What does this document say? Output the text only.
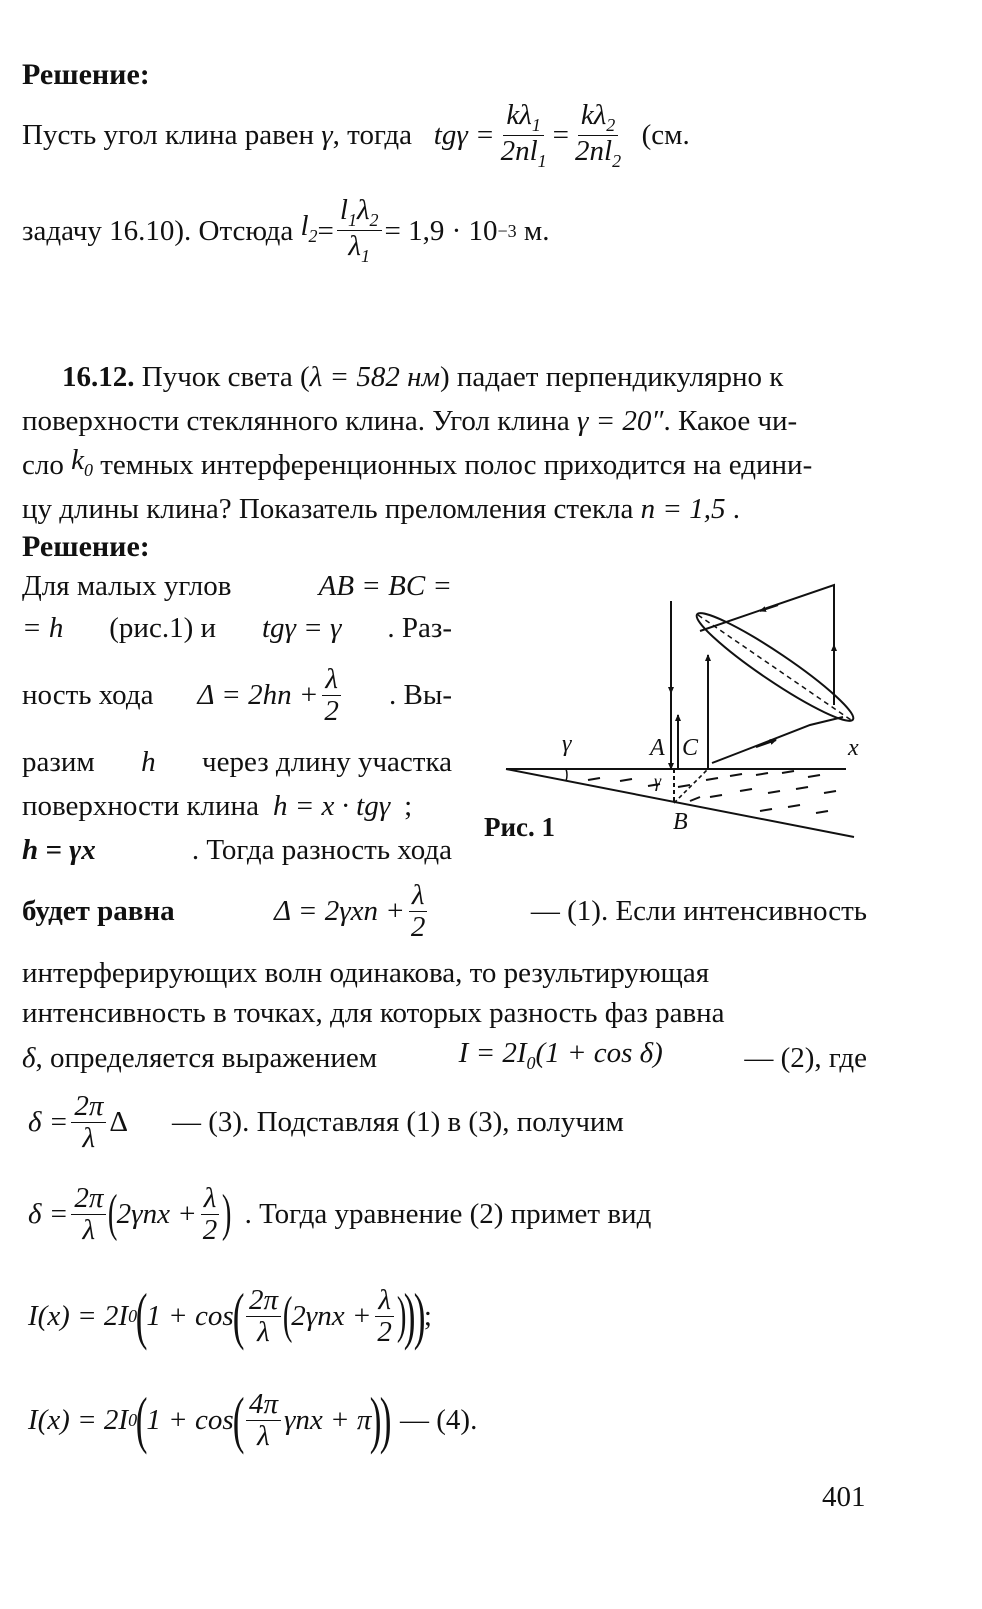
Решение:
Пусть угол клина равен
γ , тогда
$tg\gamma = \frac{k\lambda_1}{2nl_1} = \frac{k\lambda_2}{2nl_2}$
(см.
задачу 16.10). Отсюда
$l_2 = \frac{l_1\lambda_2}{\lambda_1} = 1,9 \cdot 10 -3$
м.
16.12. Пучок света (λ = 582 нм) падает перпендикулярно к
поверхности стеклянного клина. Угол клина
γ = 20″ . Какое чи-
сло
$k_0$
темных интерференционных полос приходится на едини-
цу длины клина? Показатель преломления стекла
n = 1,5
.
Решение:
Для малых углов	AB = BC =
= h (рис.1) и tgγ = γ . Раз-
ность хода $\Delta = 2hn + \frac{\lambda}{2}$ . Вы-
разим h через длину участка
поверхности клина h = x · tgγ ;
h = γx	. Тогда разность хода
γ	A C	x
γ
B
Рис. 1
будет равна	$\Delta = 2\gamma xn + \frac{\lambda}{2}$	— (1). Если интенсивность
интерферирующих волн одинакова, то результирующая
интенсивность в точках, для которых разность фаз равна
δ, определяется выражением	$I = 2I_0(1 + \cos \delta)$	— (2), где
$\delta = \frac{2\pi}{\lambda}$ Δ — (3). Подставляя (1) в (3), получим
$\delta = \frac{2\pi}{\lambda}$ (
$2\gamma nx + \frac{\lambda}{2}$ ) . Тогда уравнение (2) примет вид
I(x) = 2I 0
(
1 + cos
( $\frac{2\pi}{\lambda}$ (
$2\gamma nx + \frac{\lambda}{2}$ )
)
)
;
I(x) = 2I 0
(
1 + cos
( $\frac{4\pi}{\lambda}$ γnx + π
)
) — (4).
401
